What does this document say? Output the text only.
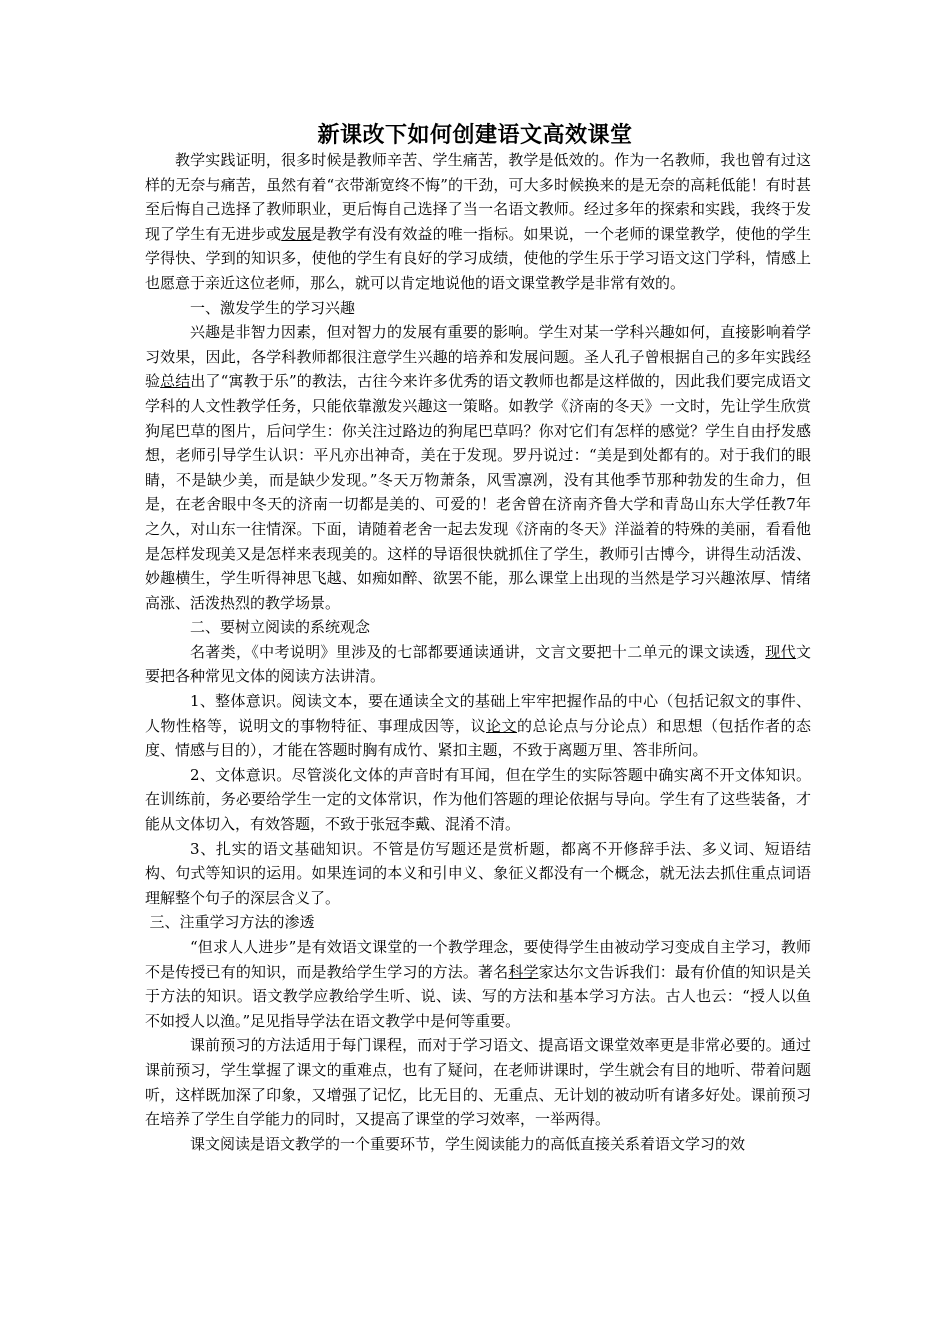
新课改下如何创建语文高效课堂

教学实践证明，很多时候是教师辛苦、学生痛苦，教学是低效的。作为一名教师，我也曾有过这样的无奈与痛苦，虽然有着“衣带渐宽终不悔”的干劲，可大多时候换来的是无奈的高耗低能！有时甚至后悔自己选择了教师职业，更后悔自己选择了当一名语文教师。经过多年的探索和实践，我终于发现了学生有无进步或发展是教学有没有效益的唯一指标。如果说，一个老师的课堂教学，使他的学生学得快、学到的知识多，使他的学生有良好的学习成绩，使他的学生乐于学习语文这门学科，情感上也愿意于亲近这位老师，那么，就可以肯定地说他的语文课堂教学是非常有效的。

一、激发学生的学习兴趣

兴趣是非智力因素，但对智力的发展有重要的影响。学生对某一学科兴趣如何，直接影响着学习效果，因此，各学科教师都很注意学生兴趣的培养和发展问题。圣人孔子曾根据自己的多年实践经验总结出了“寓教于乐”的教法，古往今来许多优秀的语文教师也都是这样做的，因此我们要完成语文学科的人文性教学任务，只能依靠激发兴趣这一策略。如教学《济南的冬天》一文时，先让学生欣赏狗尾巴草的图片，后问学生：你关注过路边的狗尾巴草吗？你对它们有怎样的感觉？学生自由抒发感想，老师引导学生认识：平凡亦出神奇，美在于发现。罗丹说过：“美是到处都有的。对于我们的眼睛，不是缺少美，而是缺少发现。”冬天万物萧条，风雪凛冽，没有其他季节那种勃发的生命力，但是，在老舍眼中冬天的济南一切都是美的、可爱的！老舍曾在济南齐鲁大学和青岛山东大学任教7年之久，对山东一往情深。下面，请随着老舍一起去发现《济南的冬天》洋溢着的特殊的美丽，看看他是怎样发现美又是怎样来表现美的。这样的导语很快就抓住了学生，教师引古博今，讲得生动活泼、妙趣横生，学生听得神思飞越、如痴如醉、欲罢不能，那么课堂上出现的当然是学习兴趣浓厚、情绪高涨、活泼热烈的教学场景。

二、要树立阅读的系统观念

名著类，《中考说明》里涉及的七部都要通读通讲，文言文要把十二单元的课文读透，现代文要把各种常见文体的阅读方法讲清。

1、整体意识。阅读文本，要在通读全文的基础上牢牢把握作品的中心（包括记叙文的事件、人物性格等，说明文的事物特征、事理成因等，议论文的总论点与分论点）和思想（包括作者的态度、情感与目的），才能在答题时胸有成竹、紧扣主题，不致于离题万里、答非所问。

2、文体意识。尽管淡化文体的声音时有耳闻，但在学生的实际答题中确实离不开文体知识。在训练前，务必要给学生一定的文体常识，作为他们答题的理论依据与导向。学生有了这些装备，才能从文体切入，有效答题，不致于张冠李戴、混淆不清。

3、扎实的语文基础知识。不管是仿写题还是赏析题，都离不开修辞手法、多义词、短语结构、句式等知识的运用。如果连词的本义和引申义、象征义都没有一个概念，就无法去抓住重点词语理解整个句子的深层含义了。

三、注重学习方法的渗透

“但求人人进步”是有效语文课堂的一个教学理念，要使得学生由被动学习变成自主学习，教师不是传授已有的知识，而是教给学生学习的方法。著名科学家达尔文告诉我们：最有价值的知识是关于方法的知识。语文教学应教给学生听、说、读、写的方法和基本学习方法。古人也云：“授人以鱼不如授人以渔。”足见指导学法在语文教学中是何等重要。

课前预习的方法适用于每门课程，而对于学习语文、提高语文课堂效率更是非常必要的。通过课前预习，学生掌握了课文的重难点，也有了疑问，在老师讲课时，学生就会有目的地听、带着问题听，这样既加深了印象，又增强了记忆，比无目的、无重点、无计划的被动听有诸多好处。课前预习在培养了学生自学能力的同时，又提高了课堂的学习效率，一举两得。

课文阅读是语文教学的一个重要环节，学生阅读能力的高低直接关系着语文学习的效
